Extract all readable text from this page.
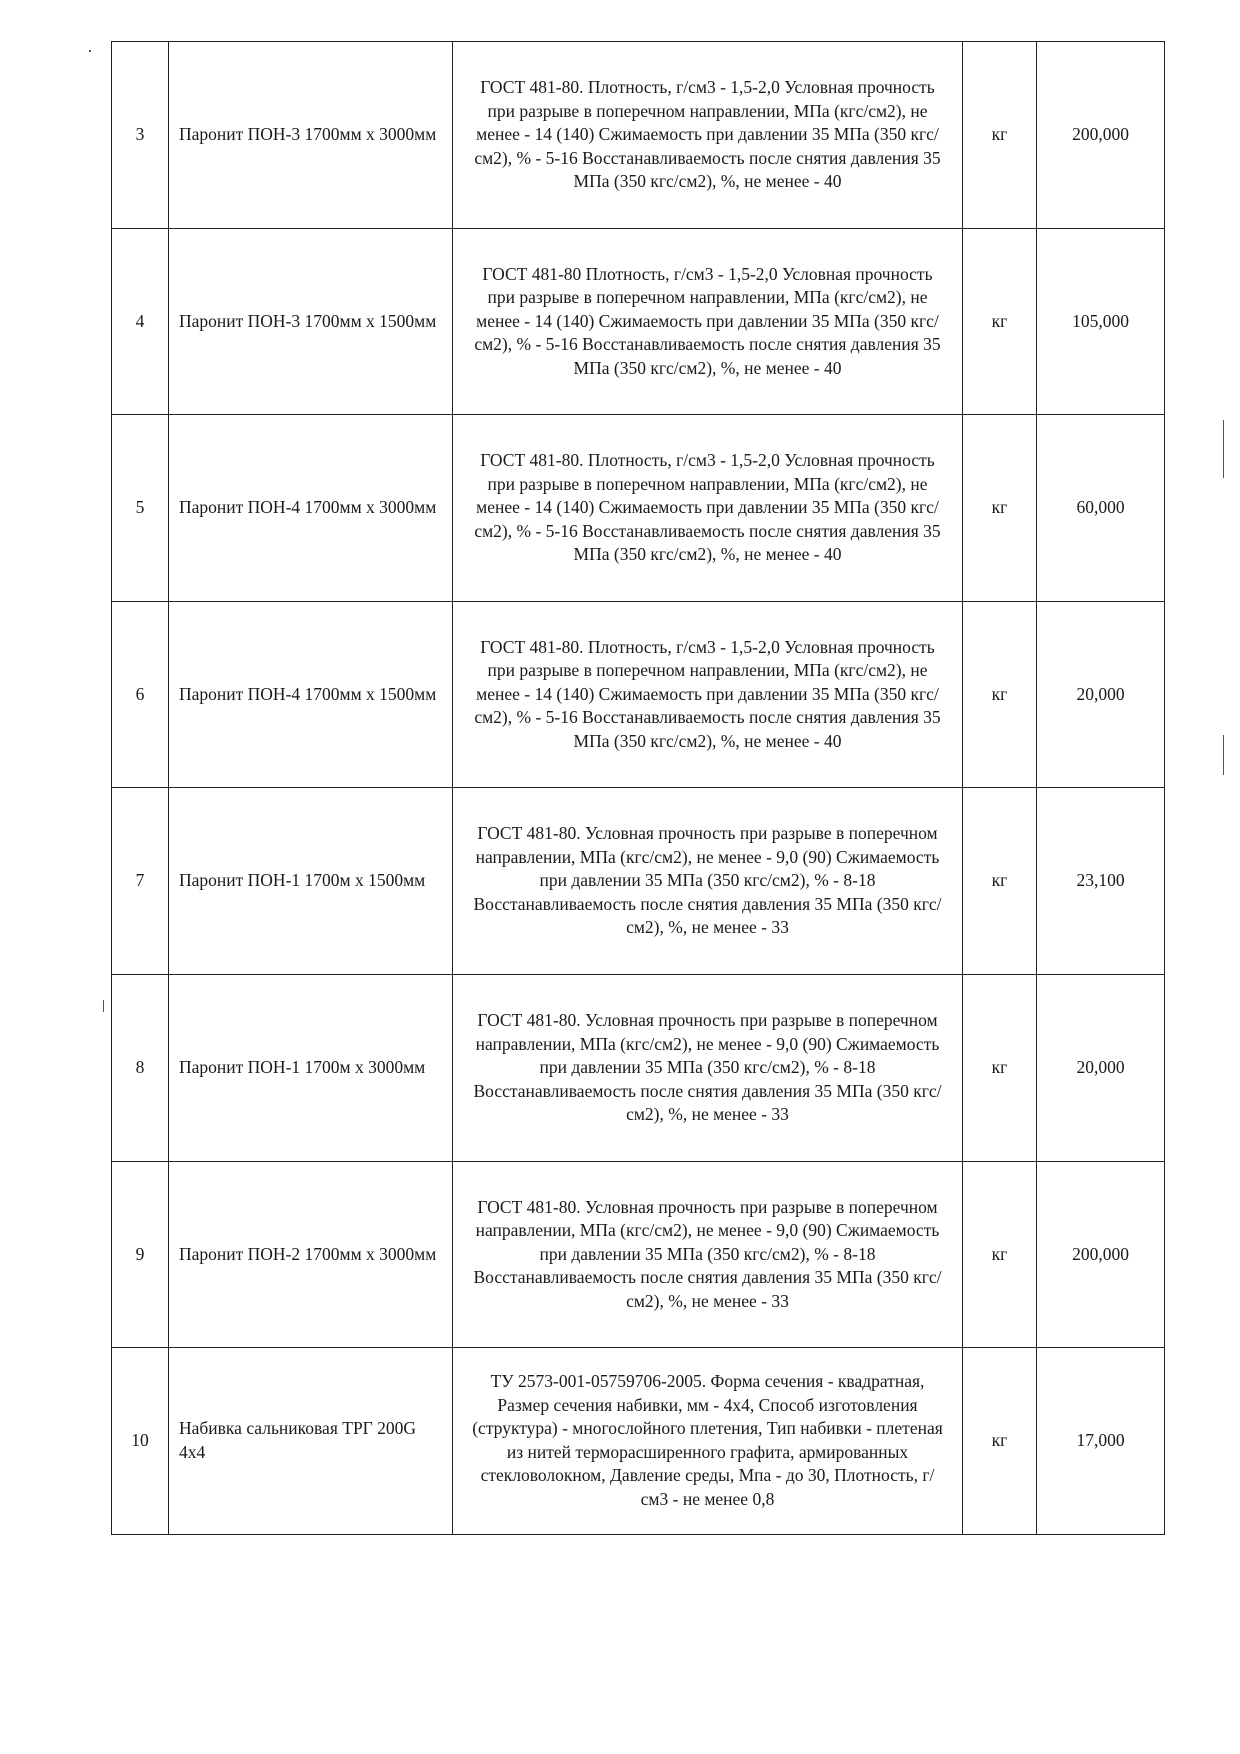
3	Паронит ПОН-3 1700мм х 3000мм	ГОСТ 481-80. Плотность, г/см3 - 1,5-2,0 Условная прочность при разрыве в поперечном направлении, МПа (кгс/см2), не менее - 14 (140) Сжимаемость при давлении 35 МПа (350 кгс/см2), % - 5-16 Восстанавливаемость после снятия давления 35 МПа (350 кгс/см2), %, не менее - 40	кг	200,000
4	Паронит ПОН-3 1700мм х 1500мм	ГОСТ 481-80 Плотность, г/см3 - 1,5-2,0 Условная прочность при разрыве в поперечном направлении, МПа (кгс/см2), не менее - 14 (140) Сжимаемость при давлении 35 МПа (350 кгс/см2), % - 5-16 Восстанавливаемость после снятия давления 35 МПа (350 кгс/см2), %, не менее - 40	кг	105,000
5	Паронит ПОН-4 1700мм х 3000мм	ГОСТ 481-80. Плотность, г/см3 - 1,5-2,0 Условная прочность при разрыве в поперечном направлении, МПа (кгс/см2), не менее - 14 (140) Сжимаемость при давлении 35 МПа (350 кгс/см2), % - 5-16 Восстанавливаемость после снятия давления 35 МПа (350 кгс/см2), %, не менее - 40	кг	60,000
6	Паронит ПОН-4 1700мм х 1500мм	ГОСТ 481-80. Плотность, г/см3 - 1,5-2,0 Условная прочность при разрыве в поперечном направлении, МПа (кгс/см2), не менее - 14 (140) Сжимаемость при давлении 35 МПа (350 кгс/см2), % - 5-16 Восстанавливаемость после снятия давления 35 МПа (350 кгс/см2), %, не менее - 40	кг	20,000
7	Паронит ПОН-1 1700м х 1500мм	ГОСТ 481-80. Условная прочность при разрыве в поперечном направлении, МПа (кгс/см2), не менее - 9,0 (90) Сжимаемость при давлении 35 МПа (350 кгс/см2), % - 8-18 Восстанавливаемость после снятия давления 35 МПа (350 кгс/см2), %, не менее - 33	кг	23,100
8	Паронит ПОН-1 1700м х 3000мм	ГОСТ 481-80. Условная прочность при разрыве в поперечном направлении, МПа (кгс/см2), не менее - 9,0 (90) Сжимаемость при давлении 35 МПа (350 кгс/см2), % - 8-18 Восстанавливаемость после снятия давления 35 МПа (350 кгс/см2), %, не менее - 33	кг	20,000
9	Паронит ПОН-2 1700мм х 3000мм	ГОСТ 481-80. Условная прочность при разрыве в поперечном направлении, МПа (кгс/см2), не менее - 9,0 (90) Сжимаемость при давлении 35 МПа (350 кгс/см2), % - 8-18 Восстанавливаемость после снятия давления 35 МПа (350 кгс/см2), %, не менее - 33	кг	200,000
10	Набивка сальниковая ТРГ 200G 4х4	ТУ 2573-001-05759706-2005. Форма сечения - квадратная, Размер сечения набивки, мм - 4х4, Способ изготовления (структура) - многослойного плетения, Тип набивки - плетеная из нитей терморасширенного графита, армированных стекловолокном, Давление среды, Мпа - до 30, Плотность, г/см3 - не менее 0,8	кг	17,000
